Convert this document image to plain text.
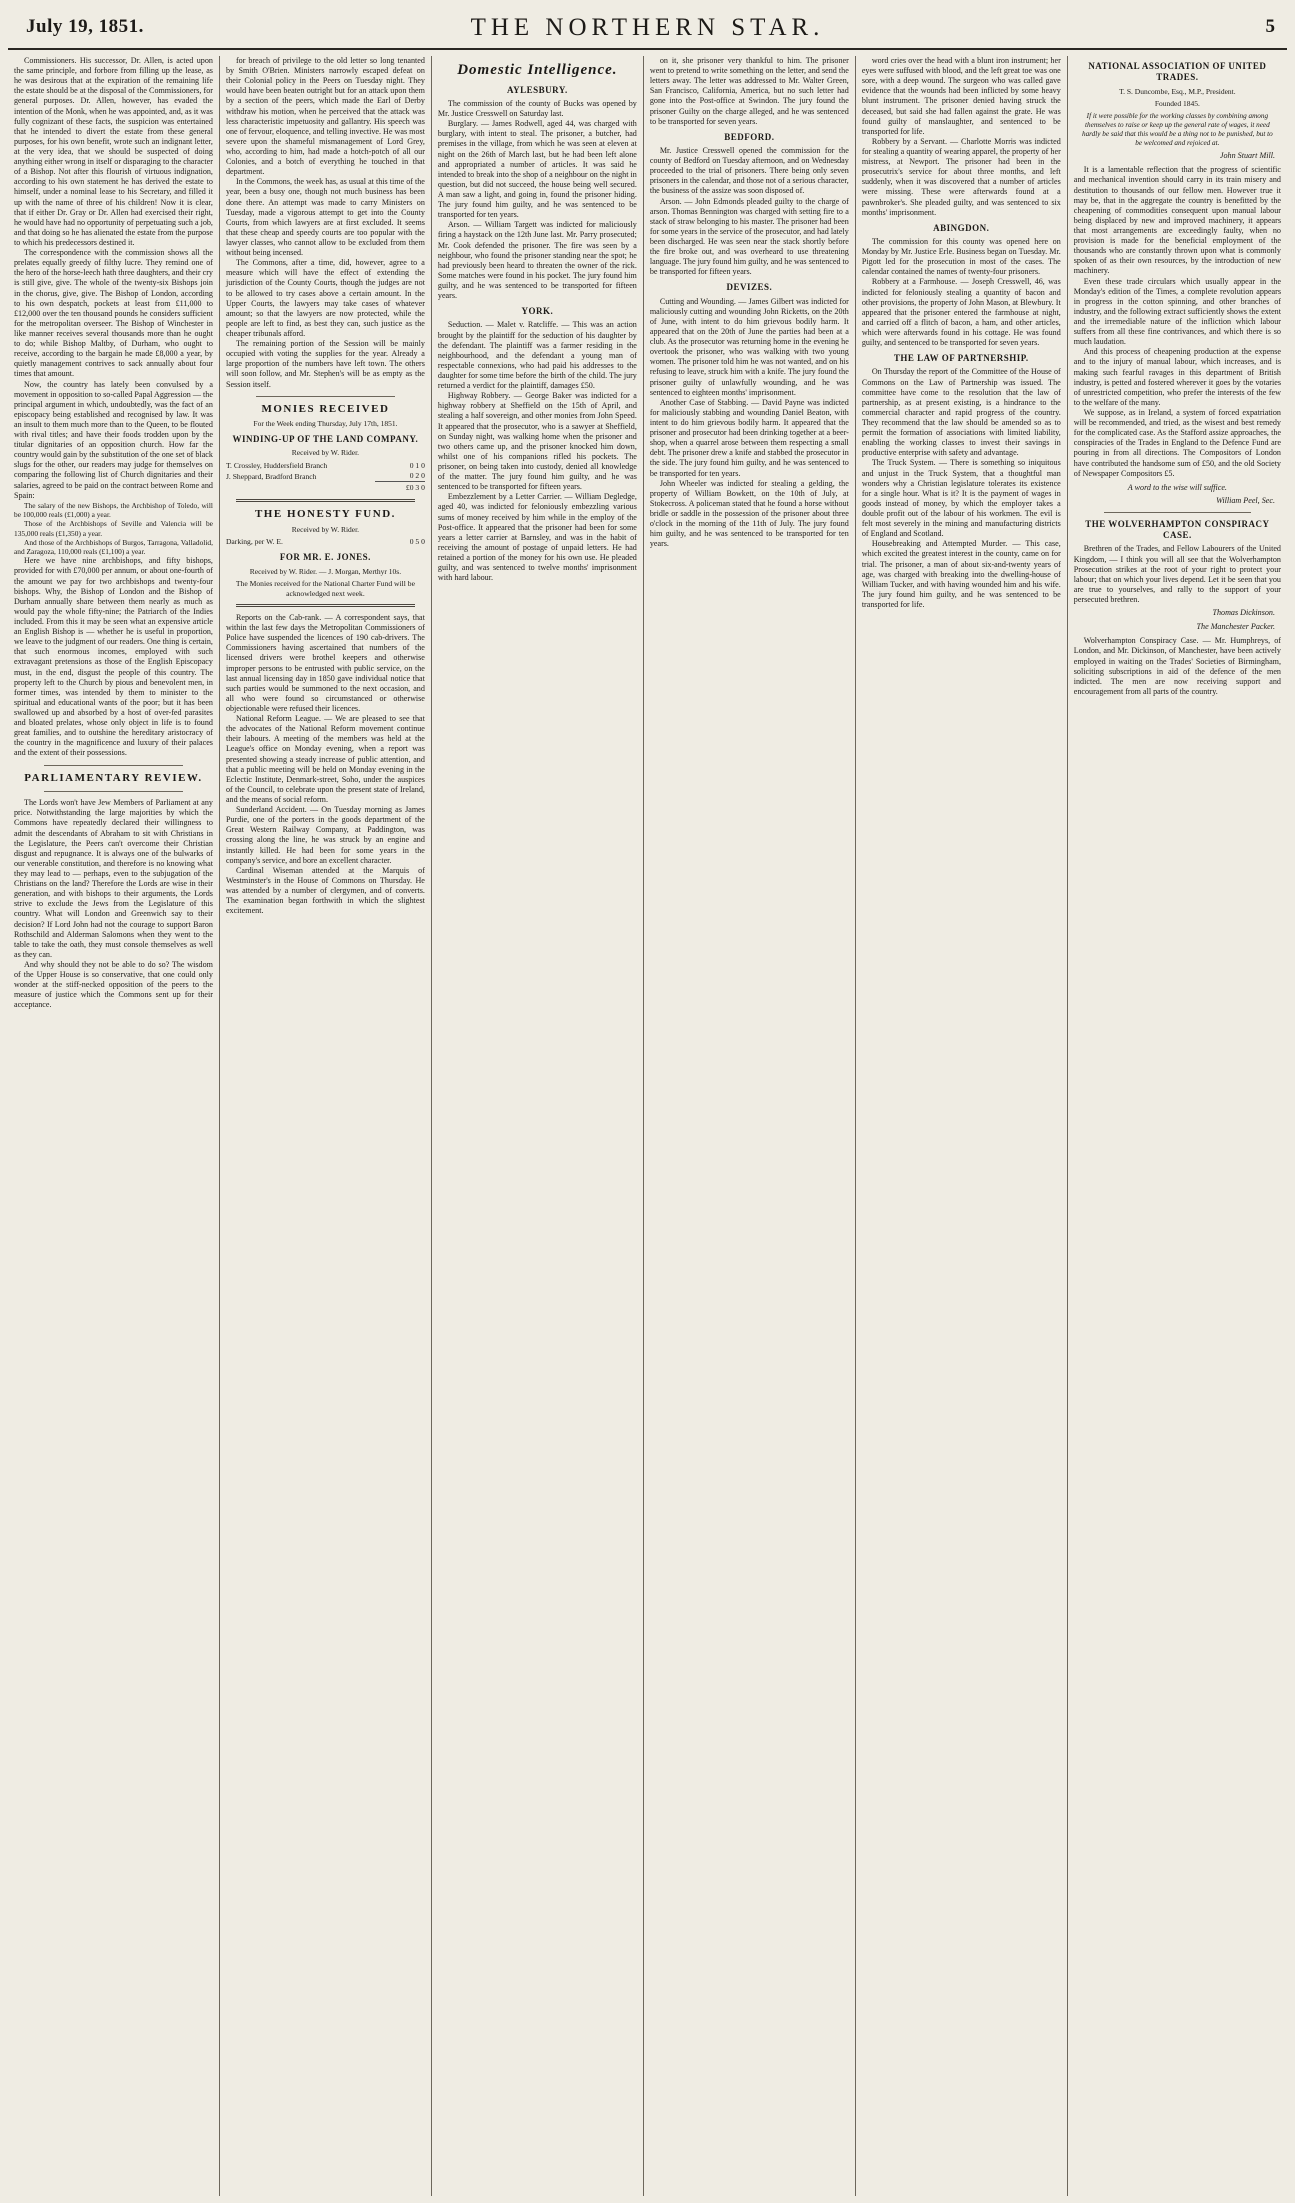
July 19, 1851.	THE NORTHERN STAR.	5

Commissioners. His successor, Dr. Allen, is acted upon the same principle, and forbore from filling up the lease, as he was desirous that at the expiration of the remaining life the estate should be at the disposal of the Commissioners, for general purposes. Dr. Allen, however, has evaded the intention of the Monk, when he was appointed, and, as it was fully cognizant of these facts, the suspicion was entertained that he intended to divert the estate from these general purposes, for his own benefit, wrote such an indignant letter, at the very idea, that we should be suspected of doing anything either wrong in itself or disparaging to the character of a Bishop. Not after this flourish of virtuous indignation, according to his own statement he has derived the estate to himself, under a nominal lease to his Secretary, and filled it up with the name of three of his children! Now it is clear, that if either Dr. Gray or Dr. Allen had exercised their right, he would have had no opportunity of perpetuating such a job, and that doing so he has alienated the estate from the purpose to which his predecessors destined it.

The correspondence with the commission shows all the prelates equally greedy of filthy lucre. They remind one of the hero of the horse-leech hath three daughters, and their cry is still give, give. The whole of the twenty-six Bishops join in the chorus, give, give. The Bishop of London, according to his own despatch, pockets at least from £11,000 to £12,000 over the ten thousand pounds he considers sufficient for the metropolitan overseer. The Bishop of Winchester in like manner receives several thousands more than he ought to do; while Bishop Maltby, of Durham, who ought to receive, according to the bargain he made £8,000 a year, by quietly management contrives to sack annually about four times that amount.

Now, the country has lately been convulsed by a movement in opposition to so-called Papal Aggression — the principal argument in which, undoubtedly, was the fact of an episcopacy being established and recognised by law. It was an insult to them much more than to the Queen, to be flouted with rival titles; and have their foods trodden upon by the titular dignitaries of an opposition church. How far the country would gain by the substitution of the one set of black slugs for the other, our readers may judge for themselves on comparing the following list of Church dignitaries and their salaries, agreed to be paid on the contract between Rome and Spain:

The salary of the new Bishops, the Archbishop of Toledo, will be 100,000 reals (£1,000) a year.

Those of the Archbishops of Seville and Valencia will be 135,000 reals (£1,350) a year.

And those of the Archbishops of Burgos, Tarragona, Valladolid, and Zaragoza, 110,000 reals (£1,100) a year.

Here we have nine archbishops, and fifty bishops, provided for with £70,000 per annum, or about one-fourth of the amount we pay for two archbishops and twenty-four bishops. Why, the Bishop of London and the Bishop of Durham annually share between them nearly as much as would pay the whole fifty-nine; the Patriarch of the Indies included. From this it may be seen what an expensive article an English Bishop is — whether he is useful in proportion, we leave to the judgment of our readers. One thing is certain, that such enormous incomes, employed with such extravagant pretensions as those of the English Episcopacy must, in the end, disgust the people of this country. The property left to the Church by pious and benevolent men, in former times, was intended by them to minister to the spiritual and educational wants of the poor; but it has been swallowed up and absorbed by a host of over-fed parasites and bloated prelates, whose only object in life is to found great families, and to outshine the hereditary aristocracy of the country in the magnificence and luxury of their palaces and the extent of their possessions.

PARLIAMENTARY REVIEW.

The Lords won't have Jew Members of Parliament at any price. Notwithstanding the large majorities by which the Commons have repeatedly declared their willingness to admit the descendants of Abraham to sit with Christians in the Legislature, the Peers can't overcome their Christian disgust and repugnance. It is always one of the bulwarks of our venerable constitution, and therefore is no knowing what they may lead to — perhaps, even to the subjugation of the Christians on the land? Therefore the Lords are wise in their generation, and with bishops to their arguments, the Lords strive to exclude the Jews from the Legislature of this country. What will London and Greenwich say to their decision? If Lord John had not the courage to support Baron Rothschild and Alderman Salomons when they went to the table to take the oath, they must console themselves as well as they can.

And why should they not be able to do so? The wisdom of the Upper House is so conservative, that one could only wonder at the stiff-necked opposition of the peers to the measure of justice which the Commons sent up for their acceptance.

for breach of privilege to the old letter so long tenanted by Smith O'Brien. Ministers narrowly escaped defeat on their Colonial policy in the Peers on Tuesday night. They would have been beaten outright but for an attack upon them by a section of the peers, which made the Earl of Derby withdraw his motion, when he perceived that the attack was less characteristic impetuosity and gallantry. His speech was one of fervour, eloquence, and telling invective. He was most severe upon the shameful mismanagement of Lord Grey, who, according to him, had made a hotch-potch of all our Colonies, and a botch of everything he touched in that department.

In the Commons, the week has, as usual at this time of the year, been a busy one, though not much business has been done there. An attempt was made to carry Ministers on Tuesday, made a vigorous attempt to get into the County Courts, from which lawyers are at first excluded. It seems that these cheap and speedy courts are too popular with the lawyer classes, who cannot allow to be excluded from them without being incensed.

The Commons, after a time, did, however, agree to a measure which will have the effect of extending the jurisdiction of the County Courts, though the judges are not to be allowed to try cases above a certain amount. In the Upper Courts, the lawyers may take cases of whatever amount; so that the lawyers are now protected, while the people are left to find, as best they can, such justice as the cheaper tribunals afford.

The remaining portion of the Session will be mainly occupied with voting the supplies for the year. Already a large proportion of the numbers have left town. The others will soon follow, and Mr. Stephen's will be as empty as the Session itself.

MONIES RECEIVED
For the Week ending Thursday, July 17th, 1851.
WINDING-UP OF THE LAND COMPANY.
Received by W. Rider.
T. Crossley, Huddersfield Branch	0 1 0
J. Sheppard, Bradford Branch	0 2 0
	£0 3 0
THE HONESTY FUND.
Received by W. Rider.
Darking, per W. E.	0 5 0
FOR MR. E. JONES.
Received by W. Rider. — J. Morgan, Merthyr 10s.

The Monies received for the National Charter Fund will be acknowledged next week.

Reports on the Cab-rank. — A correspondent says, that within the last few days the Metropolitan Commissioners of Police have suspended the licences of 190 cab-drivers. The Commissioners having ascertained that numbers of the licensed drivers were brothel keepers and otherwise improper persons to be entrusted with public service, on the last annual licensing day in 1850 gave individual notice that such parties would be summoned to the next occasion, and all who were found so circumstanced or otherwise objectionable were refused their licences.

National Reform League. — We are pleased to see that the advocates of the National Reform movement continue their labours. A meeting of the members was held at the League's office on Monday evening, when a report was presented showing a steady increase of public attention, and that a public meeting will be held on Monday evening in the Eclectic Institute, Denmark-street, Soho, under the auspices of the Council, to celebrate upon the present state of Ireland, and the means of social reform.

Sunderland Accident. — On Tuesday morning as James Purdie, one of the porters in the goods department of the Great Western Railway Company, at Paddington, was crossing along the line, he was struck by an engine and instantly killed. He had been for some years in the company's service, and bore an excellent character.

Cardinal Wiseman attended at the Marquis of Westminster's in the House of Commons on Thursday. He was attended by a number of clergymen, and of converts. The examination began forthwith in which the slightest excitement.

Domestic Intelligence.
AYLESBURY.

The commission of the county of Bucks was opened by Mr. Justice Cresswell on Saturday last.

Burglary. — James Rodwell, aged 44, was charged with burglary, with intent to steal. The prisoner, a butcher, had premises in the village, from which he was seen at eleven at night on the 26th of March last, but he had been left alone and appropriated a number of articles. It was said he intended to break into the shop of a neighbour on the night in question, but did not succeed, the house being well secured. A man saw a light, and going in, found the prisoner hiding. The jury found him guilty, and he was sentenced to be transported for ten years.

Arson. — William Targett was indicted for maliciously firing a haystack on the 12th June last. Mr. Parry prosecuted; Mr. Cook defended the prisoner. The fire was seen by a neighbour, who found the prisoner standing near the spot; he had previously been heard to threaten the owner of the rick. Some matches were found in his pocket. The jury found him guilty, and he was sentenced to be transported for fifteen years.

YORK.

Seduction. — Malet v. Ratcliffe. — This was an action brought by the plaintiff for the seduction of his daughter by the defendant. The plaintiff was a farmer residing in the neighbourhood, and the defendant a young man of respectable connexions, who had paid his addresses to the daughter for some time before the birth of the child. The jury returned a verdict for the plaintiff, damages £50.

Highway Robbery. — George Baker was indicted for a highway robbery at Sheffield on the 15th of April, and stealing a half sovereign, and other monies from John Speed. It appeared that the prosecutor, who is a sawyer at Sheffield, on Sunday night, was walking home when the prisoner and two others came up, and the prisoner knocked him down, whilst one of his companions rifled his pockets. The prisoner, on being taken into custody, denied all knowledge of the matter. The jury found him guilty, and he was sentenced to be transported for fifteen years.

Embezzlement by a Letter Carrier. — William Degledge, aged 40, was indicted for feloniously embezzling various sums of money received by him while in the employ of the Post-office. It appeared that the prisoner had been for some years a letter carrier at Barnsley, and was in the habit of receiving the amount of postage of unpaid letters. He had retained a portion of the money for his own use. He pleaded guilty, and was sentenced to twelve months' imprisonment with hard labour.

on it, she prisoner very thankful to him. The prisoner went to pretend to write something on the letter, and send the letters away. The letter was addressed to Mr. Walter Green, San Francisco, California, America, but no such letter had gone into the Post-office at Swindon. The jury found the prisoner Guilty on the charge alleged, and he was sentenced to be transported for seven years.

BEDFORD.

Mr. Justice Cresswell opened the commission for the county of Bedford on Tuesday afternoon, and on Wednesday proceeded to the trial of prisoners. There being only seven prisoners in the calendar, and those not of a serious character, the business of the assize was soon disposed of.

Arson. — John Edmonds pleaded guilty to the charge of arson. Thomas Bennington was charged with setting fire to a stack of straw belonging to his master. The prisoner had been for some years in the service of the prosecutor, and had lately been discharged. He was seen near the stack shortly before the fire broke out, and was overheard to use threatening language. The jury found him guilty, and he was sentenced to be transported for fifteen years.

DEVIZES.

Cutting and Wounding. — James Gilbert was indicted for maliciously cutting and wounding John Ricketts, on the 20th of June, with intent to do him grievous bodily harm. It appeared that on the 20th of June the parties had been at a club. As the prosecutor was returning home in the evening he overtook the prisoner, who was walking with two young women. The prisoner told him he was not wanted, and on his refusing to leave, struck him with a knife. The jury found the prisoner guilty of unlawfully wounding, and he was sentenced to eighteen months' imprisonment.

Another Case of Stabbing. — David Payne was indicted for maliciously stabbing and wounding Daniel Beaton, with intent to do him grievous bodily harm. It appeared that the prisoner and prosecutor had been drinking together at a beer-shop, when a quarrel arose between them respecting a small debt. The prisoner drew a knife and stabbed the prosecutor in the side. The jury found him guilty, and he was sentenced to be transported for ten years.

John Wheeler was indicted for stealing a gelding, the property of William Bowkett, on the 10th of July, at Stokecross. A policeman stated that he found a horse without bridle or saddle in the possession of the prisoner about three o'clock in the morning of the 11th of July. The jury found him guilty, and he was sentenced to be transported for ten years.

word cries over the head with a blunt iron instrument; her eyes were suffused with blood, and the left great toe was one sore, with a deep wound. The surgeon who was called gave evidence that the wounds had been inflicted by some heavy blunt instrument. The prisoner denied having struck the deceased, but said she had fallen against the grate. He was found guilty of manslaughter, and sentenced to be transported for life.

Robbery by a Servant. — Charlotte Morris was indicted for stealing a quantity of wearing apparel, the property of her mistress, at Newport. The prisoner had been in the prosecutrix's service for about three months, and left suddenly, when it was discovered that a number of articles were missing. These were afterwards found at a pawnbroker's. She pleaded guilty, and was sentenced to six months' imprisonment.

ABINGDON.

The commission for this county was opened here on Monday by Mr. Justice Erle. Business began on Tuesday. Mr. Pigott led for the prosecution in most of the cases. The calendar contained the names of twenty-four prisoners.

Robbery at a Farmhouse. — Joseph Cresswell, 46, was indicted for feloniously stealing a quantity of bacon and other provisions, the property of John Mason, at Blewbury. It appeared that the prisoner entered the farmhouse at night, and carried off a flitch of bacon, a ham, and other articles, which were afterwards found in his cottage. He was found guilty, and sentenced to be transported for seven years.

THE LAW OF PARTNERSHIP.

On Thursday the report of the Committee of the House of Commons on the Law of Partnership was issued. The committee have come to the resolution that the law of partnership, as at present existing, is a hindrance to the commercial character and rapid progress of the country. They recommend that the law should be amended so as to permit the formation of associations with limited liability, enabling the working classes to invest their savings in productive enterprise with safety and advantage.

The Truck System. — There is something so iniquitous and unjust in the Truck System, that a thoughtful man wonders why a Christian legislature tolerates its existence for a single hour. What is it? It is the payment of wages in goods instead of money, by which the employer takes a double profit out of the labour of his workmen. The evil is felt most severely in the mining and manufacturing districts of England and Scotland.

Housebreaking and Attempted Murder. — This case, which excited the greatest interest in the county, came on for trial. The prisoner, a man of about six-and-twenty years of age, was charged with breaking into the dwelling-house of William Tucker, and with having wounded him and his wife. The jury found him guilty, and he was sentenced to be transported for life.

NATIONAL ASSOCIATION OF UNITED TRADES.
T. S. Duncombe, Esq., M.P., President.
Founded 1845.

If it were possible for the working classes by combining among themselves to raise or keep up the general rate of wages, it need hardly be said that this would be a thing not to be punished, but to be welcomed and rejoiced at.

John Stuart Mill.

It is a lamentable reflection that the progress of scientific and mechanical invention should carry in its train misery and destitution to thousands of our fellow men. However true it may be, that in the aggregate the country is benefitted by the cheapening of commodities consequent upon manual labour being displaced by new and improved machinery, it appears that most arrangements are exceedingly faulty, when no provision is made for the beneficial employment of the thousands who are constantly thrown upon what is commonly spoken of as their own resources, by the introduction of new machinery.

Even these trade circulars which usually appear in the Monday's edition of the Times, a complete revolution appears in progress in the cotton spinning, and other branches of industry, and the following extract sufficiently shows the extent and the irremediable nature of the infliction which labour suffers from all these fine contrivances, and which there is so much laudation.

And this process of cheapening production at the expense and to the injury of manual labour, which increases, and is making such fearful ravages in this department of British industry, is petted and fostered wherever it goes by the votaries of unrestricted competition, who prefer the interests of the few to the welfare of the many.

We suppose, as in Ireland, a system of forced expatriation will be recommended, and tried, as the wisest and best remedy for the complicated case. As the Stafford assize approaches, the conspiracies of the Trades in England to the Defence Fund are pouring in from all directions. The Compositors of London have contributed the handsome sum of £50, and the old Society of Newspaper Compositors £5.

A word to the wise will suffice.

William Peel, Sec.
THE WOLVERHAMPTON CONSPIRACY CASE.

Brethren of the Trades, and Fellow Labourers of the United Kingdom, — I think you will all see that the Wolverhampton Prosecution strikes at the root of your right to protect your labour; that on which your lives depend. Let it be seen that you are true to yourselves, and rally to the support of your persecuted brethren.

Thomas Dickinson.
The Manchester Packer.

Wolverhampton Conspiracy Case. — Mr. Humphreys, of London, and Mr. Dickinson, of Manchester, have been actively employed in waiting on the Trades' Societies of Birmingham, soliciting subscriptions in aid of the defence of the men indicted. The men are now receiving support and encouragement from all parts of the country.
